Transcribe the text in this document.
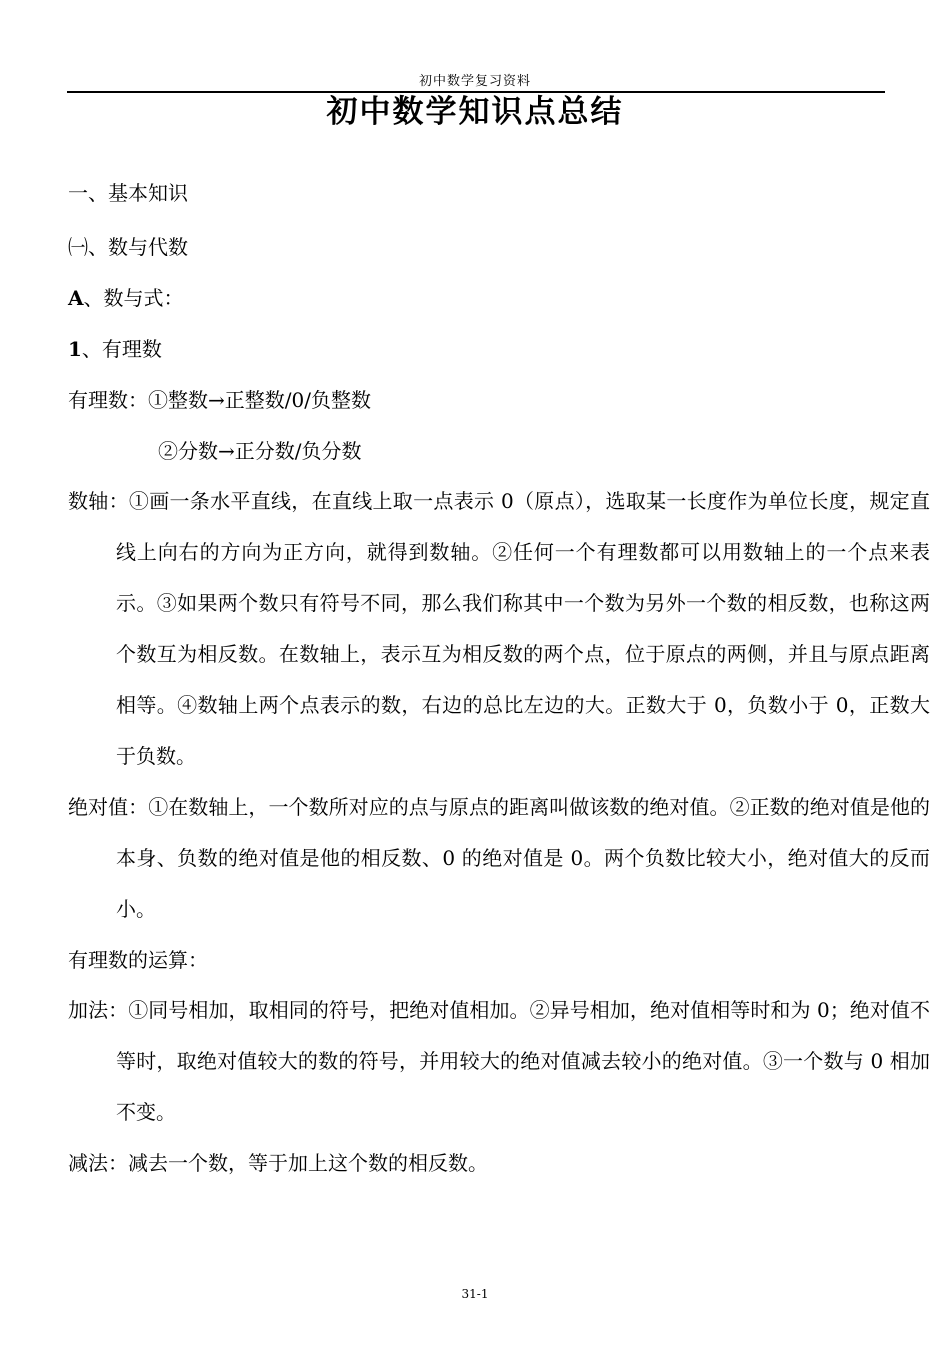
初中数学复习资料
初中数学知识点总结
一、基本知识
㈠、数与代数
A、数与式：
1、有理数
有理数：①整数→正整数/0/负整数
②分数→正分数/负分数
数轴：①画一条水平直线，在直线上取一点表示 0（原点），选取某一长度作为单位长度，规定直线上向右的方向为正方向，就得到数轴。②任何一个有理数都可以用数轴上的一个点来表示。③如果两个数只有符号不同，那么我们称其中一个数为另外一个数的相反数，也称这两个数互为相反数。在数轴上，表示互为相反数的两个点，位于原点的两侧，并且与原点距离相等。④数轴上两个点表示的数，右边的总比左边的大。正数大于 0，负数小于 0，正数大于负数。
绝对值：①在数轴上，一个数所对应的点与原点的距离叫做该数的绝对值。②正数的绝对值是他的本身、负数的绝对值是他的相反数、0 的绝对值是 0。两个负数比较大小，绝对值大的反而小。
有理数的运算：
加法：①同号相加，取相同的符号，把绝对值相加。②异号相加，绝对值相等时和为 0；绝对值不等时，取绝对值较大的数的符号，并用较大的绝对值减去较小的绝对值。③一个数与 0 相加不变。
减法：减去一个数，等于加上这个数的相反数。
31-1
